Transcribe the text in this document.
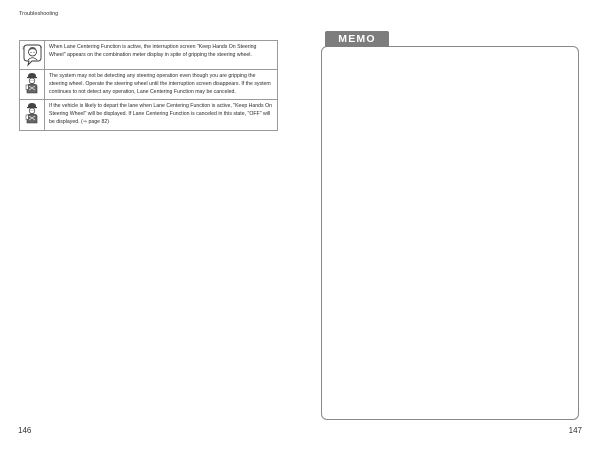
Troubleshooting
? ?	When Lane Centering Function is active, the interruption screen "Keep Hands On Steering Wheel" appears on the combination meter display in spite of gripping the steering wheel.

	The system may not be detecting any steering operation even though you are gripping the steering wheel. Operate the steering wheel until the interruption screen disappears. If the system continues to not detect any operation, Lane Centering Function may be canceled.

	If the vehicle is likely to depart the lane when Lane Centering Function is active, "Keep Hands On Steering Wheel" will be displayed. If Lane Centering Function is canceled in this state, "OFF" will be displayed. (⇒ page 82)
146
MEMO
147
